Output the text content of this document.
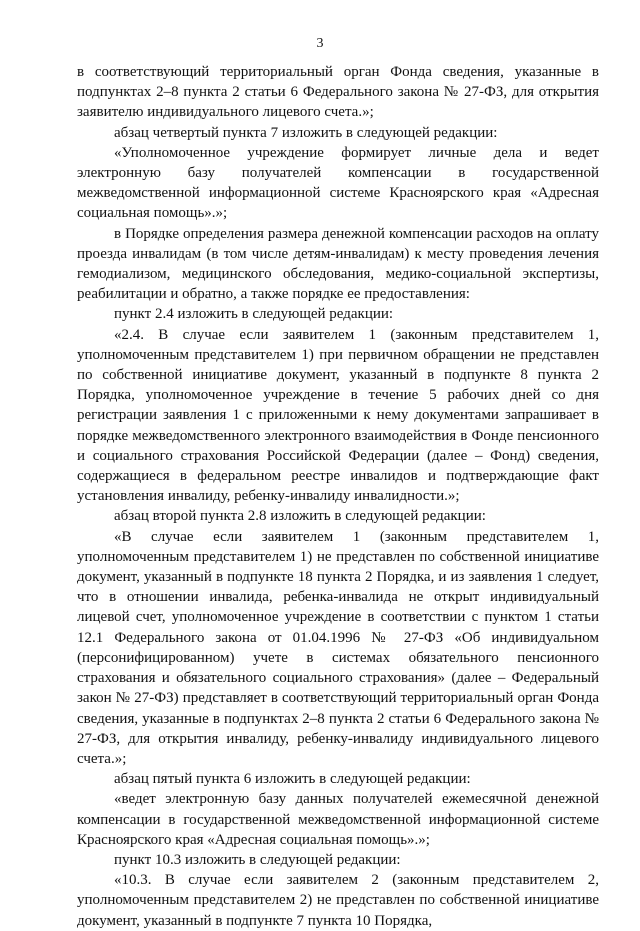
3

в соответствующий территориальный орган Фонда сведения, указанные в подпунктах 2–8 пункта 2 статьи 6 Федерального закона № 27-ФЗ, для открытия заявителю индивидуального лицевого счета.»;

абзац четвертый пункта 7 изложить в следующей редакции:

«Уполномоченное учреждение формирует личные дела и ведет электронную базу получателей компенсации в государственной межведомственной информационной системе Красноярского края «Адресная социальная помощь».»;

в Порядке определения размера денежной компенсации расходов на оплату проезда инвалидам (в том числе детям-инвалидам) к месту проведения лечения гемодиализом, медицинского обследования, медико-социальной экспертизы, реабилитации и обратно, а также порядке ее предоставления:

пункт 2.4 изложить в следующей редакции:

«2.4. В случае если заявителем 1 (законным представителем 1, уполномоченным представителем 1) при первичном обращении не представлен по собственной инициативе документ, указанный в подпункте 8 пункта 2 Порядка, уполномоченное учреждение в течение 5 рабочих дней со дня регистрации заявления 1 с приложенными к нему документами запрашивает в порядке межведомственного электронного взаимодействия в Фонде пенсионного и социального страхования Российской Федерации (далее – Фонд) сведения, содержащиеся в федеральном реестре инвалидов и подтверждающие факт установления инвалиду, ребенку-инвалиду инвалидности.»;

абзац второй пункта 2.8 изложить в следующей редакции:

«В случае если заявителем 1 (законным представителем 1, уполномоченным представителем 1) не представлен по собственной инициативе документ, указанный в подпункте 18 пункта 2 Порядка, и из заявления 1 следует, что в отношении инвалида, ребенка-инвалида не открыт индивидуальный лицевой счет, уполномоченное учреждение в соответствии с пунктом 1 статьи 12.1 Федерального закона от 01.04.1996 № 27-ФЗ «Об индивидуальном (персонифицированном) учете в системах обязательного пенсионного страхования и обязательного социального страхования» (далее – Федеральный закон № 27-ФЗ) представляет в соответствующий территориальный орган Фонда сведения, указанные в подпунктах 2–8 пункта 2 статьи 6 Федерального закона № 27-ФЗ, для открытия инвалиду, ребенку-инвалиду индивидуального лицевого счета.»;

абзац пятый пункта 6 изложить в следующей редакции:

«ведет электронную базу данных получателей ежемесячной денежной компенсации в государственной межведомственной информационной системе Красноярского края «Адресная социальная помощь».»;

пункт 10.3 изложить в следующей редакции:

«10.3. В случае если заявителем 2 (законным представителем 2, уполномоченным представителем 2) не представлен по собственной инициативе документ, указанный в подпункте 7 пункта 10 Порядка,
